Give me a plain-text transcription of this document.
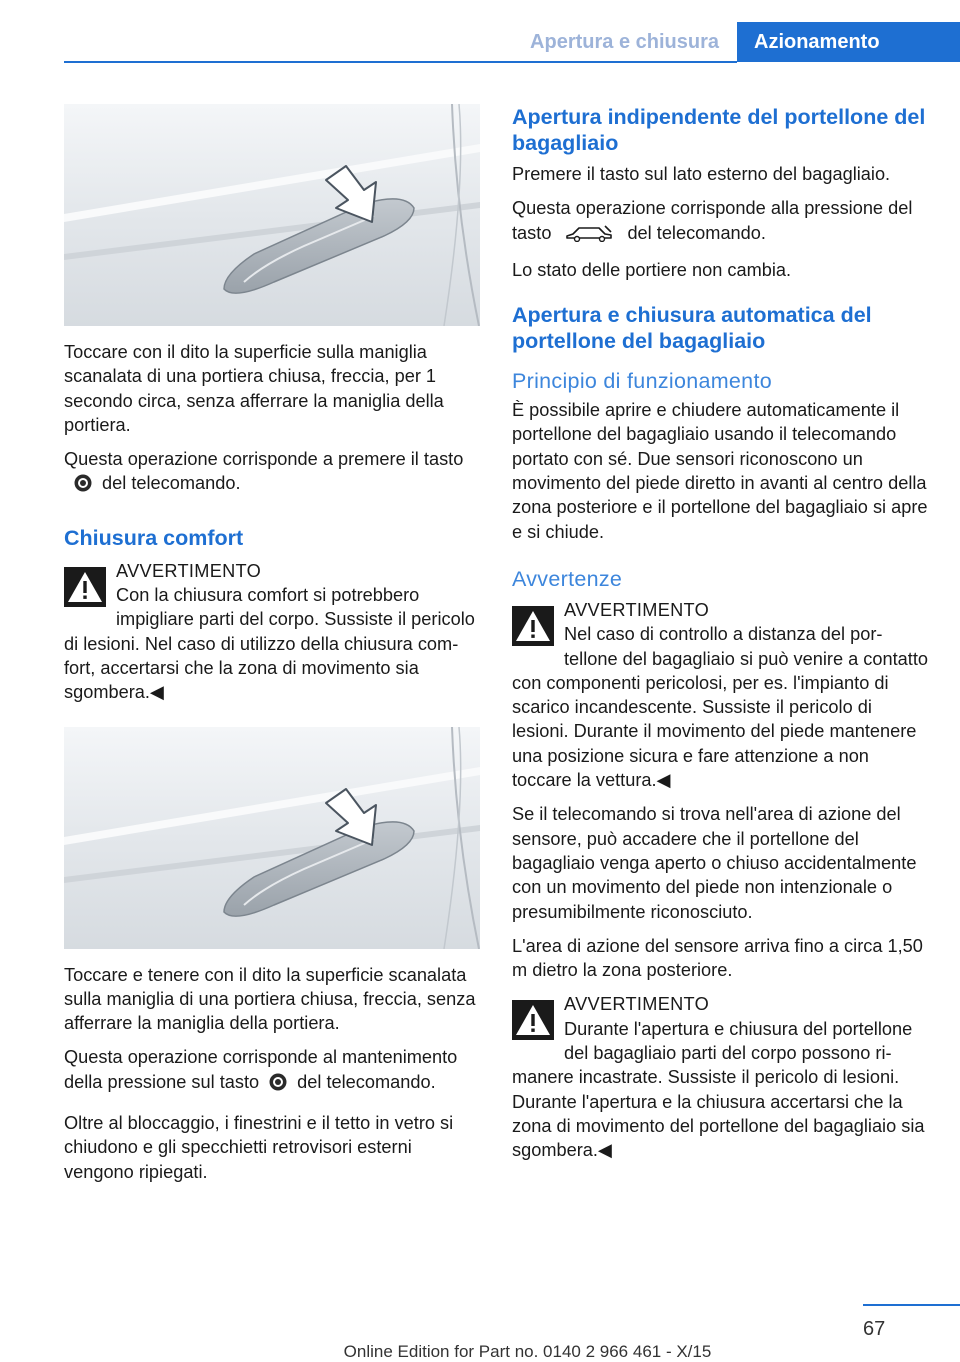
Apertura e chiusura	Azionamento

Toccare con il dito la superficie sulla maniglia scanalata di una portiera chiusa, freccia, per 1 secondo circa, senza afferrare la maniglia della portiera.

Questa operazione corrisponde a premere il tastodel telecomando.

Chiusura comfort
AVVERTIMENTO
Con la chiusura comfort si potrebbero impigliare parti del corpo. Sussiste il pericolo di lesioni. Nel caso di utilizzo della chiusura comfort, accertarsi che la zona di movimento sia sgombera.◀

Toccare e tenere con il dito la superficie scanalata sulla maniglia di una portiera chiusa, freccia, senza afferrare la maniglia della portiera.

Questa operazione corrisponde al mantenimento della pressione sul tasto del telecomando.

Oltre al bloccaggio, i finestrini e il tetto in vetro si chiudono e gli specchietti retrovisori esterni vengono ripiegati.

Apertura indipendente del portellone del bagagliaio

Premere il tasto sul lato esterno del bagagliaio.

Questa operazione corrisponde alla pressione del tasto	del telecomando.

Lo stato delle portiere non cambia.

Apertura e chiusura automatica del portellone del bagagliaio
Principio di funzionamento

È possibile aprire e chiudere automaticamente il portellone del bagagliaio usando il telecomando portato con sé. Due sensori riconoscono un movimento del piede diretto in avanti al centro della zona posteriore e il portellone del bagagliaio si apre e si chiude.

Avvertenze
AVVERTIMENTO
Nel caso di controllo a distanza del portellone del bagagliaio si può venire a contatto con componenti pericolosi, per es. l'impianto di scarico incandescente. Sussiste il pericolo di lesioni. Durante il movimento del piede mantenere una posizione sicura e fare attenzione a non toccare la vettura.◀

Se il telecomando si trova nell'area di azione del sensore, può accadere che il portellone del bagagliaio venga aperto o chiuso accidentalmente con un movimento del piede non intenzionale o presumibilmente riconosciuto.

L'area di azione del sensore arriva fino a circa 1,50 m dietro la zona posteriore.

AVVERTIMENTO
Durante l'apertura e chiusura del portellone del bagagliaio parti del corpo possono rimanere incastrate. Sussiste il pericolo di lesioni. Durante l'apertura e la chiusura accertarsi che la zona di movimento del portellone del bagagliaio sia sgombera.◀
67
Online Edition for Part no. 0140 2 966 461 - X/15
